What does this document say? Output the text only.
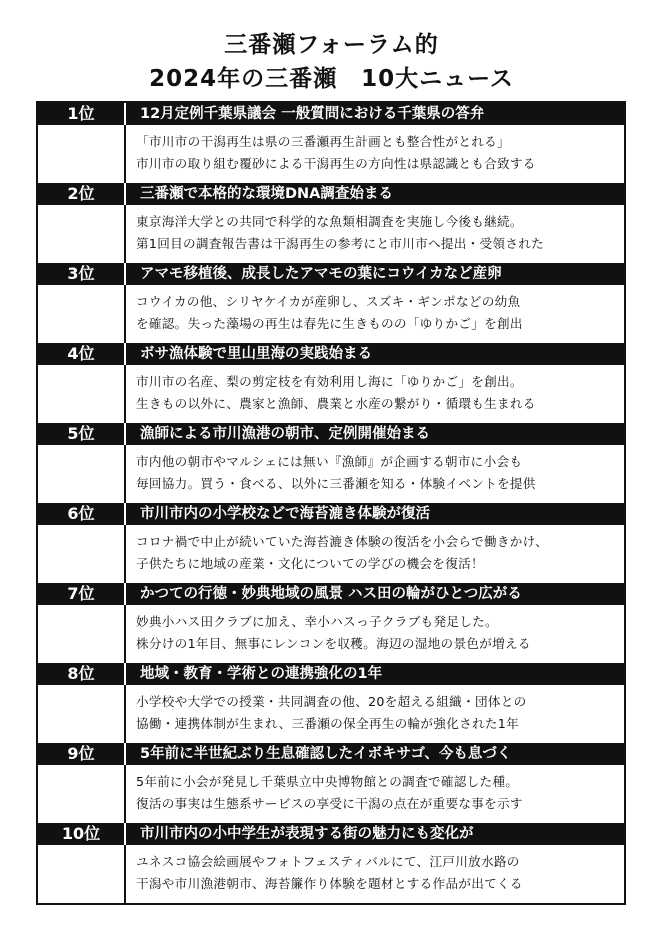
三番瀬フォーラム的
2024年の三番瀬　10大ニュース
1位	12月定例千葉県議会 一般質問における千葉県の答弁
「市川市の干潟再生は県の三番瀬再生計画とも整合性がとれる」
市川市の取り組む覆砂による干潟再生の方向性は県認識とも合致する
2位	三番瀬で本格的な環境DNA調査始まる
東京海洋大学との共同で科学的な魚類相調査を実施し今後も継続。
第1回目の調査報告書は干潟再生の参考にと市川市へ提出・受領された
3位	アマモ移植後、成長したアマモの葉にコウイカなど産卵
コウイカの他、シリヤケイカが産卵し、スズキ・ギンポなどの幼魚
を確認。失った藻場の再生は春先に生きものの「ゆりかご」を創出
4位	ボサ漁体験で里山里海の実践始まる
市川市の名産、梨の剪定枝を有効利用し海に「ゆりかご」を創出。
生きもの以外に、農家と漁師、農業と水産の繋がり・循環も生まれる
5位	漁師による市川漁港の朝市、定例開催始まる
市内他の朝市やマルシェには無い『漁師』が企画する朝市に小会も
毎回協力。買う・食べる、以外に三番瀬を知る・体験イベントを提供
6位	市川市内の小学校などで海苔漉き体験が復活
コロナ禍で中止が続いていた海苔漉き体験の復活を小会らで働きかけ、
子供たちに地域の産業・文化についての学びの機会を復活！
7位	かつての行徳・妙典地域の風景 ハス田の輪がひとつ広がる
妙典小ハス田クラブに加え、幸小ハスっ子クラブも発足した。
株分けの1年目、無事にレンコンを収穫。海辺の湿地の景色が増える
8位	地域・教育・学術との連携強化の1年
小学校や大学での授業・共同調査の他、20を超える組織・団体との
協働・連携体制が生まれ、三番瀬の保全再生の輪が強化された1年
9位	5年前に半世紀ぶり生息確認したイボキサゴ、今も息づく
5年前に小会が発見し千葉県立中央博物館との調査で確認した種。
復活の事実は生態系サービスの享受に干潟の点在が重要な事を示す
10位	市川市内の小中学生が表現する街の魅力にも変化が
ユネスコ協会絵画展やフォトフェスティバルにて、江戸川放水路の
干潟や市川漁港朝市、海苔簾作り体験を題材とする作品が出てくる
